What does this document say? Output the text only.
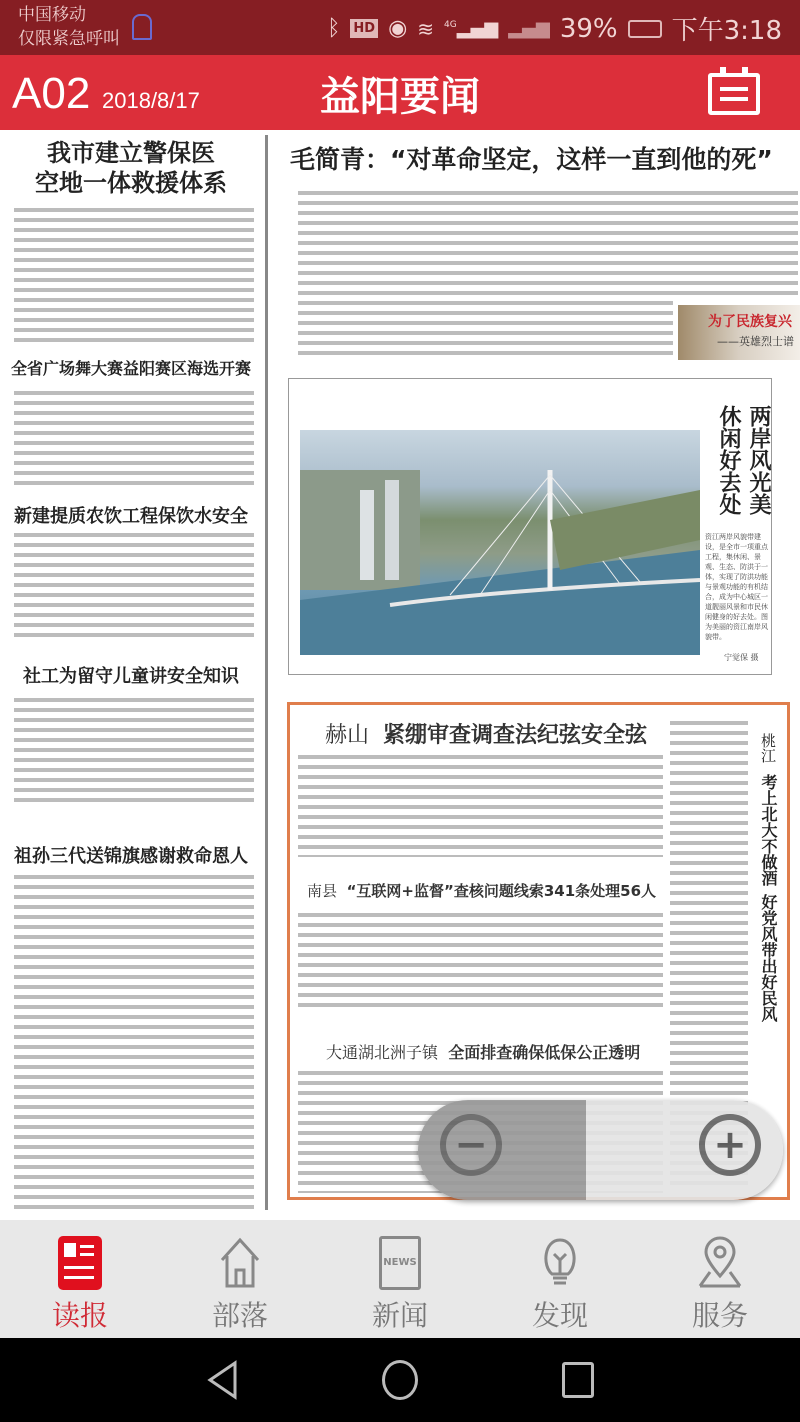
中国移动
仅限紧急呼叫	ᛒ HD ◉ ≋ $^{4G}$▂▄▆ ▂▄▆ 39% 下午3:18
A02 2018/8/17	益阳要闻
我市建立警保医
空地一体救援体系
全省广场舞大赛益阳赛区海选开赛
新建提质农饮工程保饮水安全
社工为留守儿童讲安全知识
祖孙三代送锦旗感谢救命恩人
毛简青：“对革命坚定，这样一直到他的死”
为了民族复兴
——英雄烈士谱
两岸风光美
休闲好去处
资江两岸风貌带建设，是全市一项重点工程，集休闲、景观、生态、防洪于一体，实现了防洪功能与景观功能的有机结合，成为中心城区一道靓丽风景和市民休闲健身的好去处。图为美丽的资江南岸风貌带。
宁觉保 摄
赫山 紧绷审查调查法纪弦安全弦
南县 “互联网+监督”查核问题线索341条处理56人
大通湖北洲子镇 全面排查确保低保公正透明
桃江
考上北大不做酒
好党风带出好民风
−	+
读报	部落
NEWS
新闻	发现	服务
